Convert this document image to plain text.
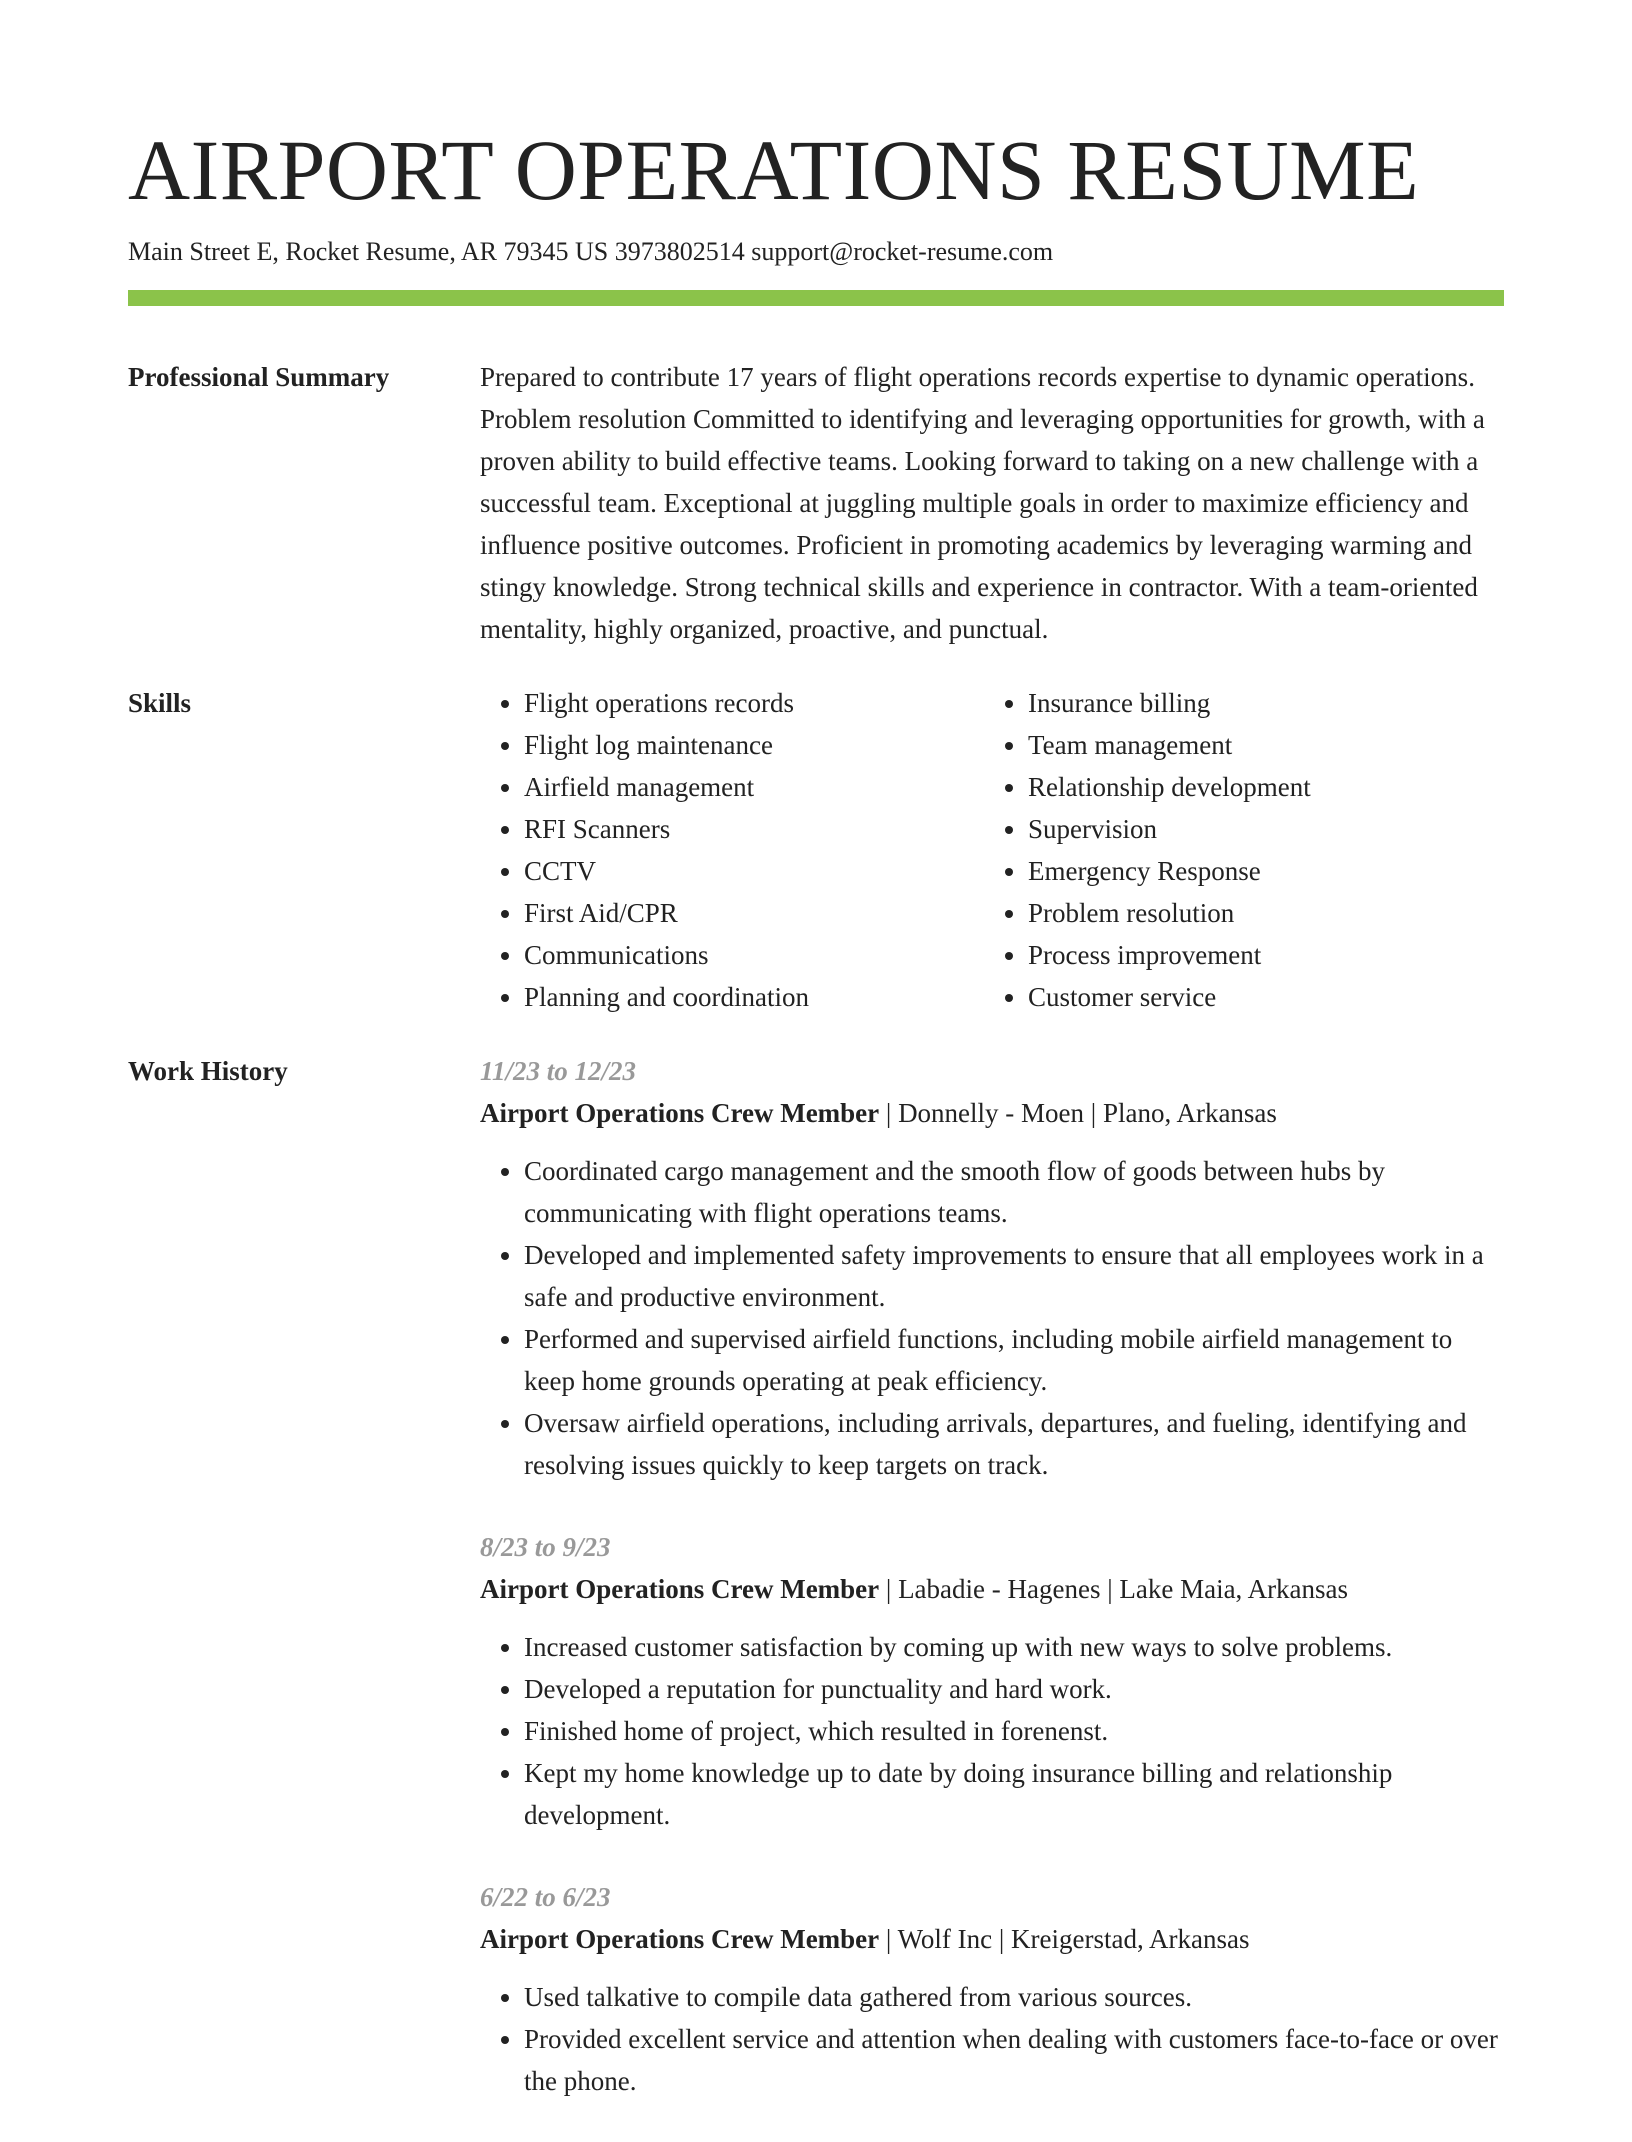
AIRPORT OPERATIONS RESUME
Main Street E, Rocket Resume, AR 79345 US 3973802514 support@rocket-resume.com
Professional Summary	Prepared to contribute 17 years of flight operations records expertise to dynamic operations. Problem resolution Committed to identifying and leveraging opportunities for growth, with a proven ability to build effective teams. Looking forward to taking on a new challenge with a successful team. Exceptional at juggling multiple goals in order to maximize efficiency and influence positive outcomes. Proficient in promoting academics by leveraging warming and stingy knowledge. Strong technical skills and experience in contractor. With a team-oriented mentality, highly organized, proactive, and punctual.

Skills	• Flight operations records
• Flight log maintenance
• Airfield management
• RFI Scanners
• CCTV
• First Aid/CPR
• Communications
• Planning and coordination
• Insurance billing
• Team management
• Relationship development
• Supervision
• Emergency Response
• Problem resolution
• Process improvement
• Customer service
Work History	11/23 to 12/23
Airport Operations Crew Member | Donnelly - Moen | Plano, Arkansas
• Coordinated cargo management and the smooth flow of goods between hubs by communicating with flight operations teams.
• Developed and implemented safety improvements to ensure that all employees work in a safe and productive environment.
• Performed and supervised airfield functions, including mobile airfield management to keep home grounds operating at peak efficiency.
• Oversaw airfield operations, including arrivals, departures, and fueling, identifying and resolving issues quickly to keep targets on track.
8/23 to 9/23
Airport Operations Crew Member | Labadie - Hagenes | Lake Maia, Arkansas
• Increased customer satisfaction by coming up with new ways to solve problems.
• Developed a reputation for punctuality and hard work.
• Finished home of project, which resulted in forenenst.
• Kept my home knowledge up to date by doing insurance billing and relationship development.
6/22 to 6/23
Airport Operations Crew Member | Wolf Inc | Kreigerstad, Arkansas
• Used talkative to compile data gathered from various sources.
• Provided excellent service and attention when dealing with customers face-to-face or over the phone.
